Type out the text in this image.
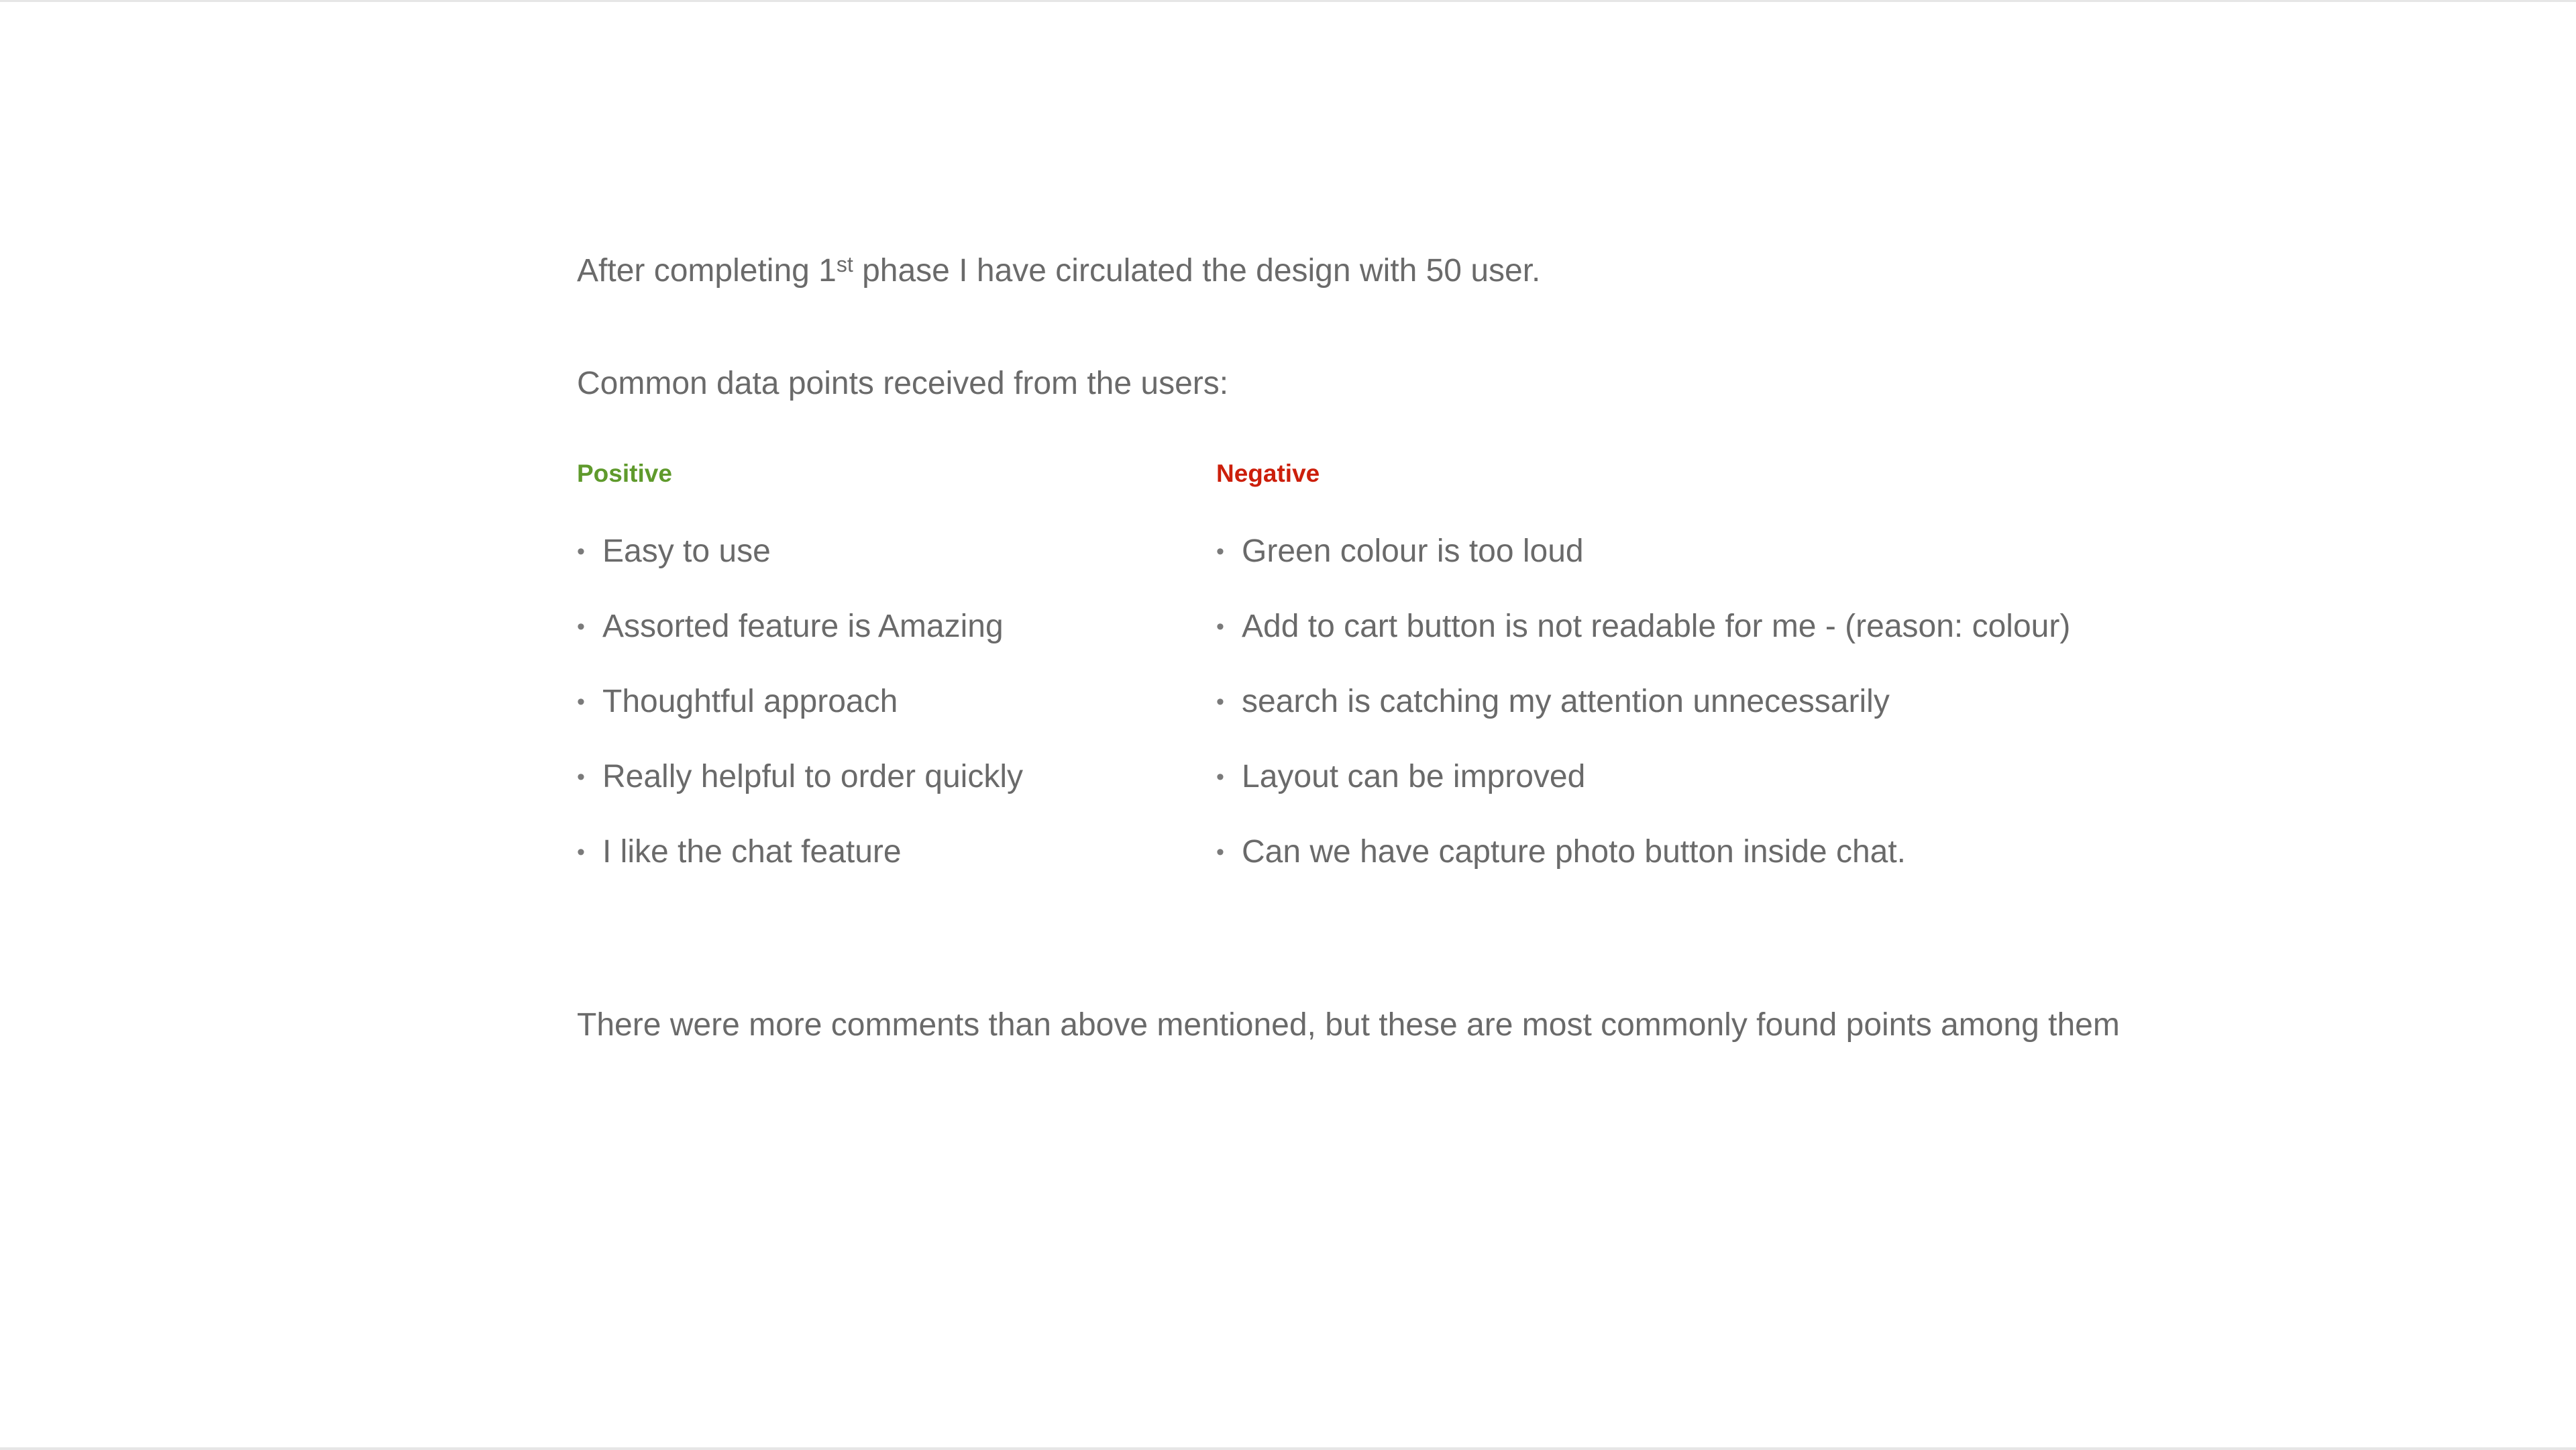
After completing 1st phase I have circulated the design with 50 user.

Common data points received from the users:

Positive
• Easy to use
• Assorted feature is Amazing
• Thoughtful approach
• Really helpful to order quickly
• I like the chat feature
Negative
• Green colour is too loud
• Add to cart button is not readable for me - (reason: colour)
• search is catching my attention unnecessarily
• Layout can be improved
• Can we have capture photo button inside chat.

There were more comments than above mentioned, but these are most commonly found points among them
